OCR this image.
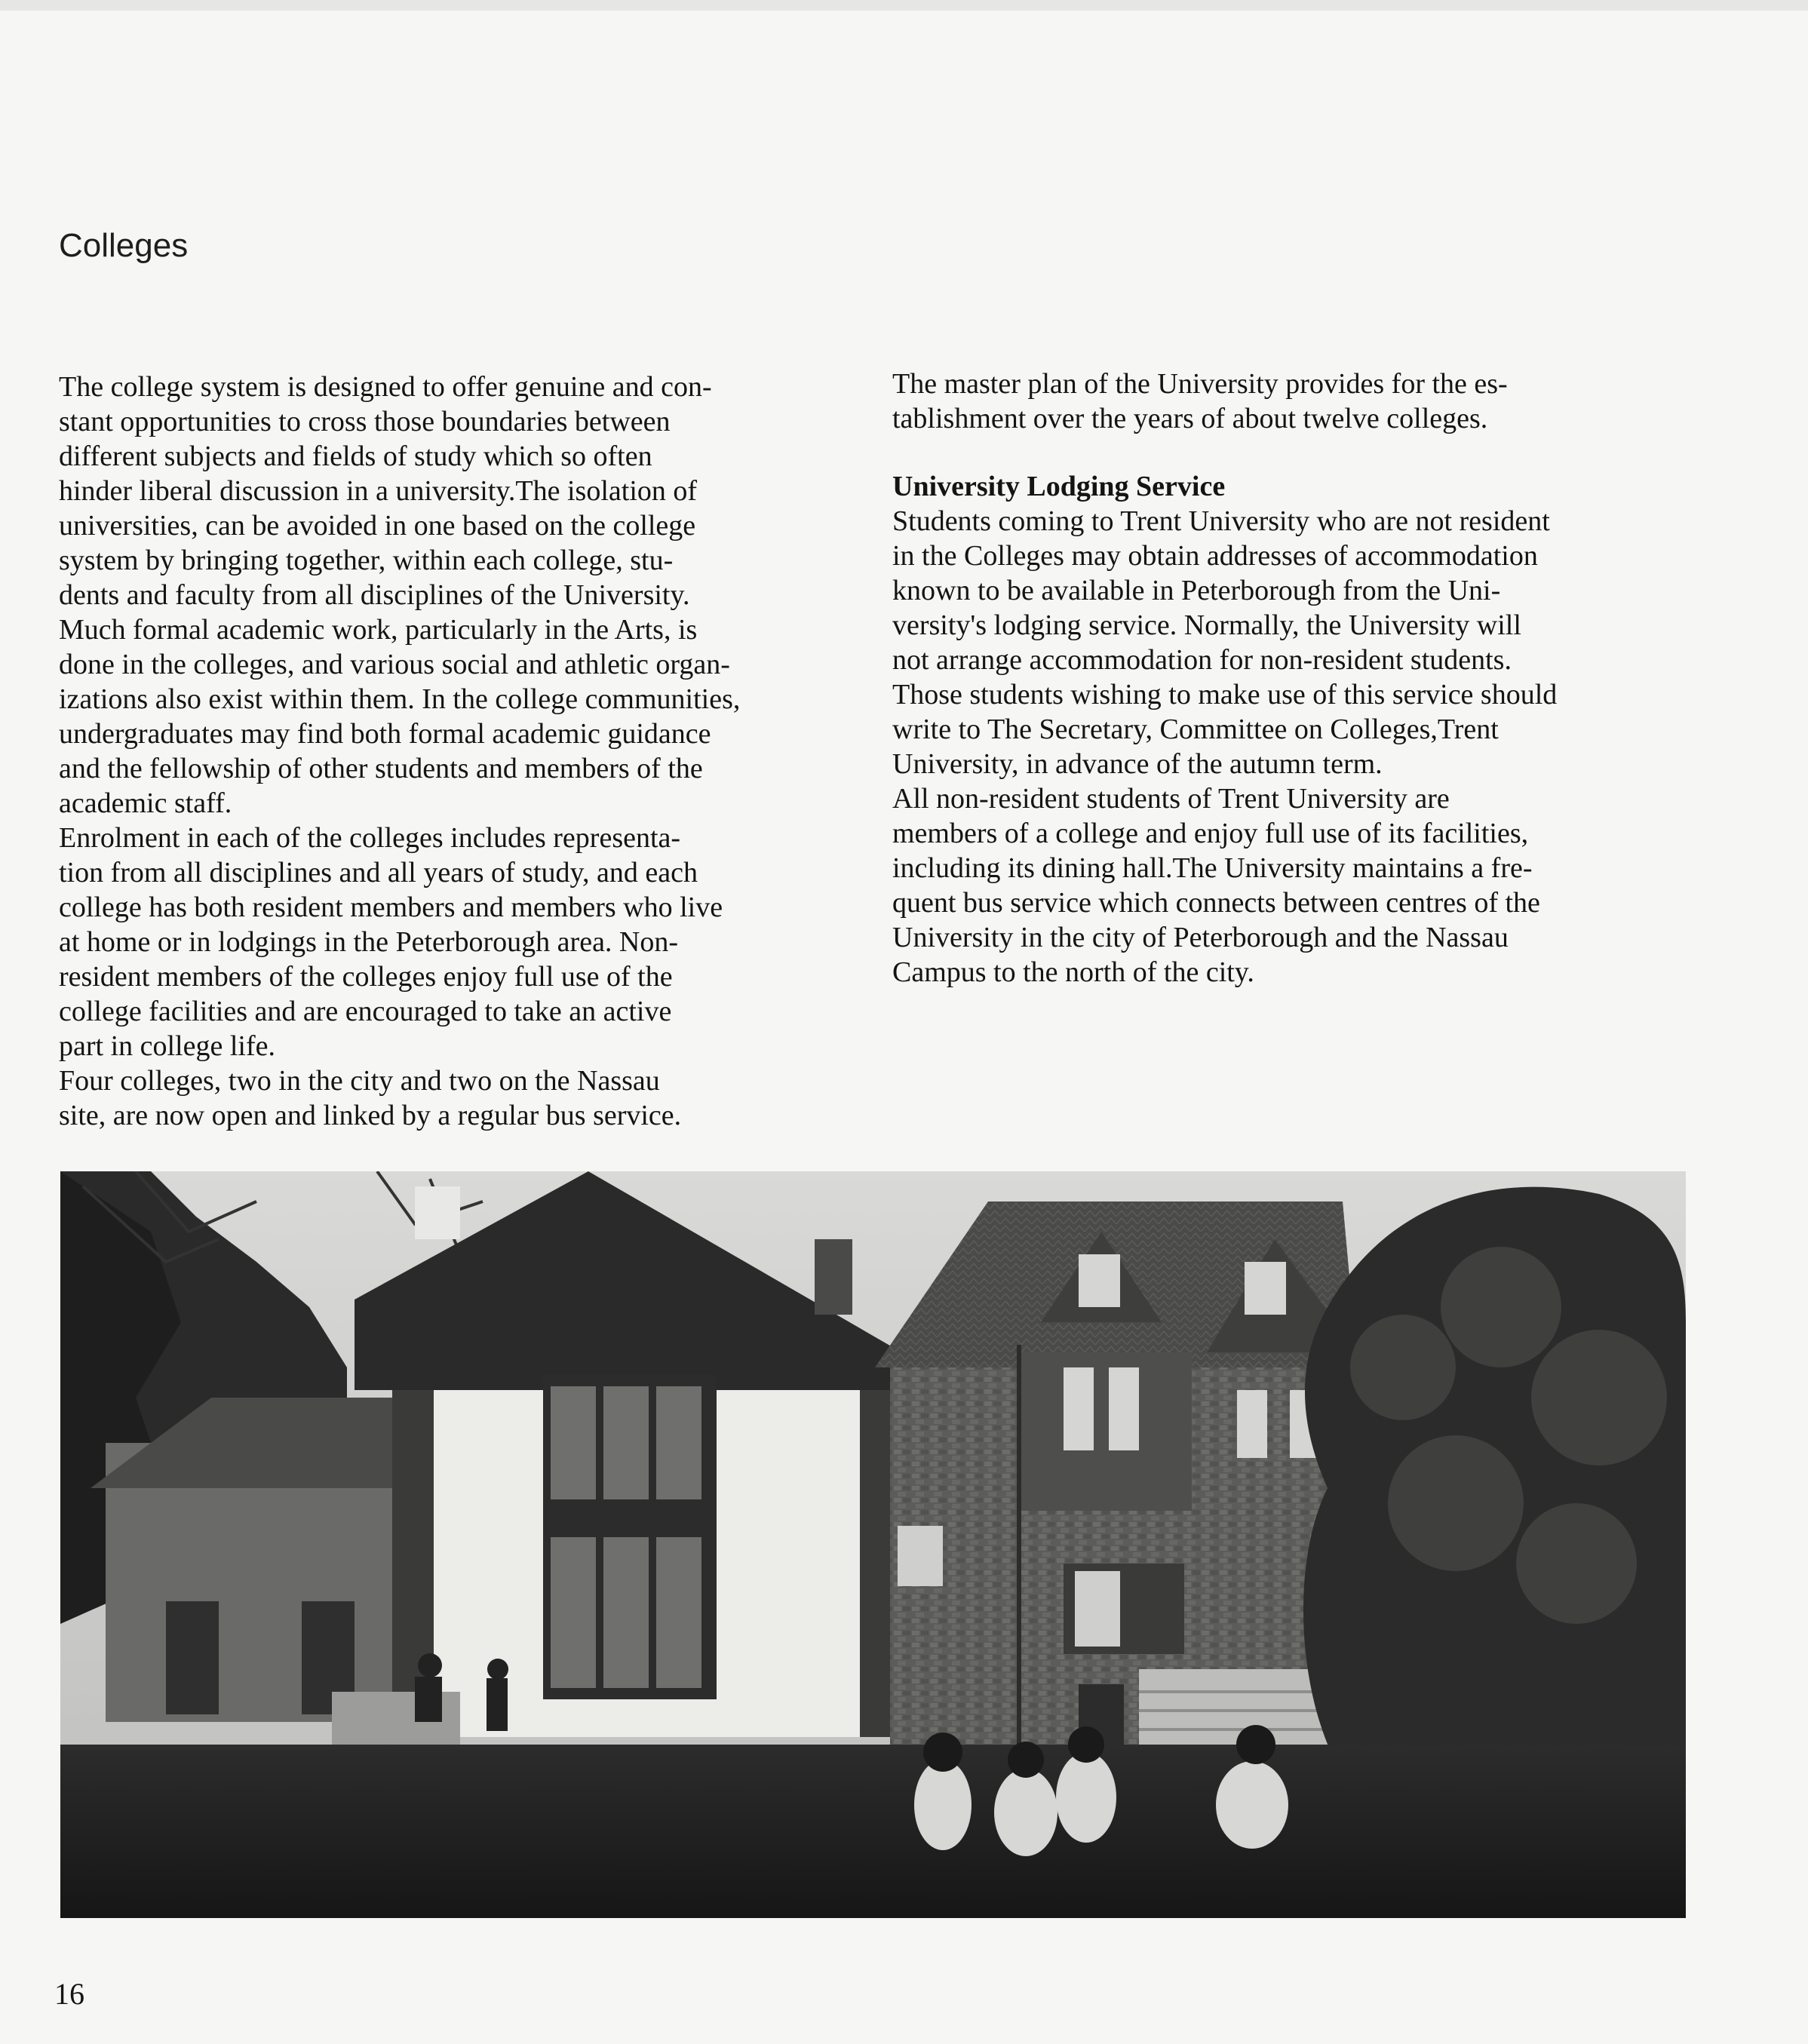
Colleges

The college system is designed to offer genuine and con-
stant opportunities to cross those boundaries between
different subjects and fields of study which so often
hinder liberal discussion in a university.The isolation of
universities, can be avoided in one based on the college
system by bringing together, within each college, stu-
dents and faculty from all disciplines of the University.

Much formal academic work, particularly in the Arts, is
done in the colleges, and various social and athletic organ-
izations also exist within them. In the college communities,
undergraduates may find both formal academic guidance
and the fellowship of other students and members of the
academic staff.

Enrolment in each of the colleges includes representa-
tion from all disciplines and all years of study, and each
college has both resident members and members who live
at home or in lodgings in the Peterborough area. Non-
resident members of the colleges enjoy full use of the
college facilities and are encouraged to take an active
part in college life.

Four colleges, two in the city and two on the Nassau
site, are now open and linked by a regular bus service.

The master plan of the University provides for the es-
tablishment over the years of about twelve colleges.

University Lodging Service

Students coming to Trent University who are not resident
in the Colleges may obtain addresses of accommodation
known to be available in Peterborough from the Uni-
versity's lodging service. Normally, the University will
not arrange accommodation for non-resident students.
Those students wishing to make use of this service should
write to The Secretary, Committee on Colleges,Trent
University, in advance of the autumn term.

All non-resident students of Trent University are
members of a college and enjoy full use of its facilities,
including its dining hall.The University maintains a fre-
quent bus service which connects between centres of the
University in the city of Peterborough and the Nassau
Campus to the north of the city.

16
